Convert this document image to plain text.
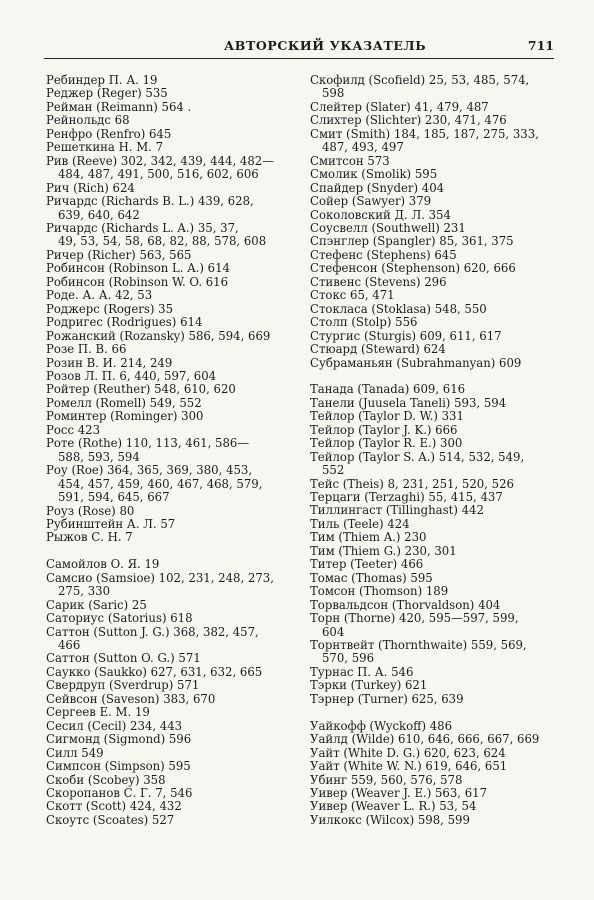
АВТОРСКИЙ УКАЗАТЕЛЬ	711
Ребиндер П. А. 19
Реджер (Reger) 535
Рейман (Reimann) 564 .
Рейнольдс 68
Ренфро (Renfro) 645
Решеткина Н. М. 7
Рив (Reeve) 302, 342, 439, 444, 482—
484, 487, 491, 500, 516, 602, 606
Рич (Rich) 624
Ричардс (Richards B. L.) 439, 628,
639, 640, 642
Ричардс (Richards L. A.) 35, 37,
49, 53, 54, 58, 68, 82, 88, 578, 608
Ричер (Richer) 563, 565
Робинсон (Robinson L. A.) 614
Робинсон (Robinson W. O. 616
Роде. А. А. 42, 53
Роджерс (Rogers) 35
Родригес (Rodrigues) 614
Рожанский (Rozansky) 586, 594, 669
Розе П. В. 66
Розин В. И. 214, 249
Розов Л. П. 6, 440, 597, 604
Ройтер (Reuther) 548, 610, 620
Ромелл (Romell) 549, 552
Роминтер (Rominger) 300
Росс 423
Роте (Rothe) 110, 113, 461, 586—
588, 593, 594
Роу (Roe) 364, 365, 369, 380, 453,
454, 457, 459, 460, 467, 468, 579,
591, 594, 645, 667
Роуз (Rose) 80
Рубинштейн А. Л. 57
Рыжов С. Н. 7
Самойлов О. Я. 19
Самсио (Samsioe) 102, 231, 248, 273,
275, 330
Сарик (Saric) 25
Саториус (Satorius) 618
Саттон (Sutton J. G.) 368, 382, 457,
466
Саттон (Sutton O. G.) 571
Саукко (Saukko) 627, 631, 632, 665
Свердруп (Sverdrup) 571
Сейвсон (Saveson) 383, 670
Сергеев Е. М. 19
Сесил (Cecil) 234, 443
Сигмонд (Sigmond) 596
Силл 549
Симпсон (Simpson) 595
Скоби (Scobey) 358
Скоропанов С. Г. 7, 546
Скотт (Scott) 424, 432
Скоутс (Scoates) 527
Скофилд (Scofield) 25, 53, 485, 574,
598
Слейтер (Slater) 41, 479, 487
Слихтер (Slichter) 230, 471, 476
Смит (Smith) 184, 185, 187, 275, 333,
487, 493, 497
Смитсон 573
Смолик (Smolik) 595
Спайдер (Snyder) 404
Сойер (Sawyer) 379
Соколовский Д. Л. 354
Соусвелл (Southwell) 231
Спэнглер (Spangler) 85, 361, 375
Стефенс (Stephens) 645
Стефенсон (Stephenson) 620, 666
Стивенс (Stevens) 296
Стокс 65, 471
Стокласа (Stoklasa) 548, 550
Столп (Stolp) 556
Стургис (Sturgis) 609, 611, 617
Стюард (Steward) 624
Субраманьян (Subrahmanyan) 609
Танада (Tanada) 609, 616
Танели (Juusela Taneli) 593, 594
Тейлор (Taylor D. W.) 331
Тейлор (Taylor J. K.) 666
Тейлор (Taylor R. E.) 300
Тейлор (Taylor S. A.) 514, 532, 549,
552
Тейс (Theis) 8, 231, 251, 520, 526
Терцаги (Terzaghi) 55, 415, 437
Тиллингаст (Tillinghast) 442
Тиль (Teele) 424
Тим (Thiem A.) 230
Тим (Thiem G.) 230, 301
Титер (Teeter) 466
Томас (Thomas) 595
Томсон (Thomson) 189
Торвальдсон (Thorvaldson) 404
Торн (Thorne) 420, 595—597, 599,
604
Торнтвейт (Thornthwaite) 559, 569,
570, 596
Турнас П. А. 546
Тэрки (Turkey) 621
Тэрнер (Turner) 625, 639
Уайкофф (Wyckoff) 486
Уайлд (Wilde) 610, 646, 666, 667, 669
Уайт (White D. G.) 620, 623, 624
Уайт (White W. N.) 619, 646, 651
Убинг 559, 560, 576, 578
Уивер (Weaver J. E.) 563, 617
Уивер (Weaver L. R.) 53, 54
Уилкокс (Wilcox) 598, 599
